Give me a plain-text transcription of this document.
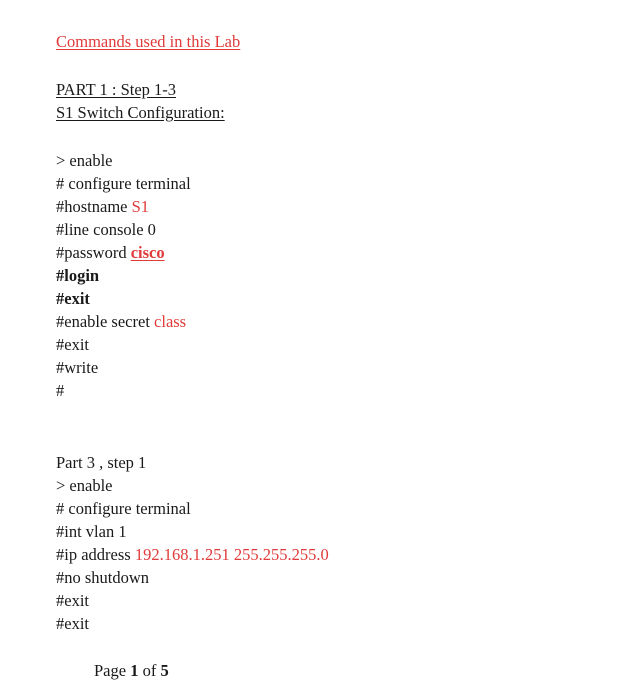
Commands used in this Lab
PART 1 : Step 1-3
S1 Switch Configuration:
> enable
# configure terminal
#hostname S1
#line console 0
#password cisco
#login
#exit
#enable secret class
#exit
#write
#
Part 3 , step 1
> enable
# configure terminal
#int vlan 1
#ip address 192.168.1.251 255.255.255.0
#no shutdown
#exit
#exit
Page 1 of 5
